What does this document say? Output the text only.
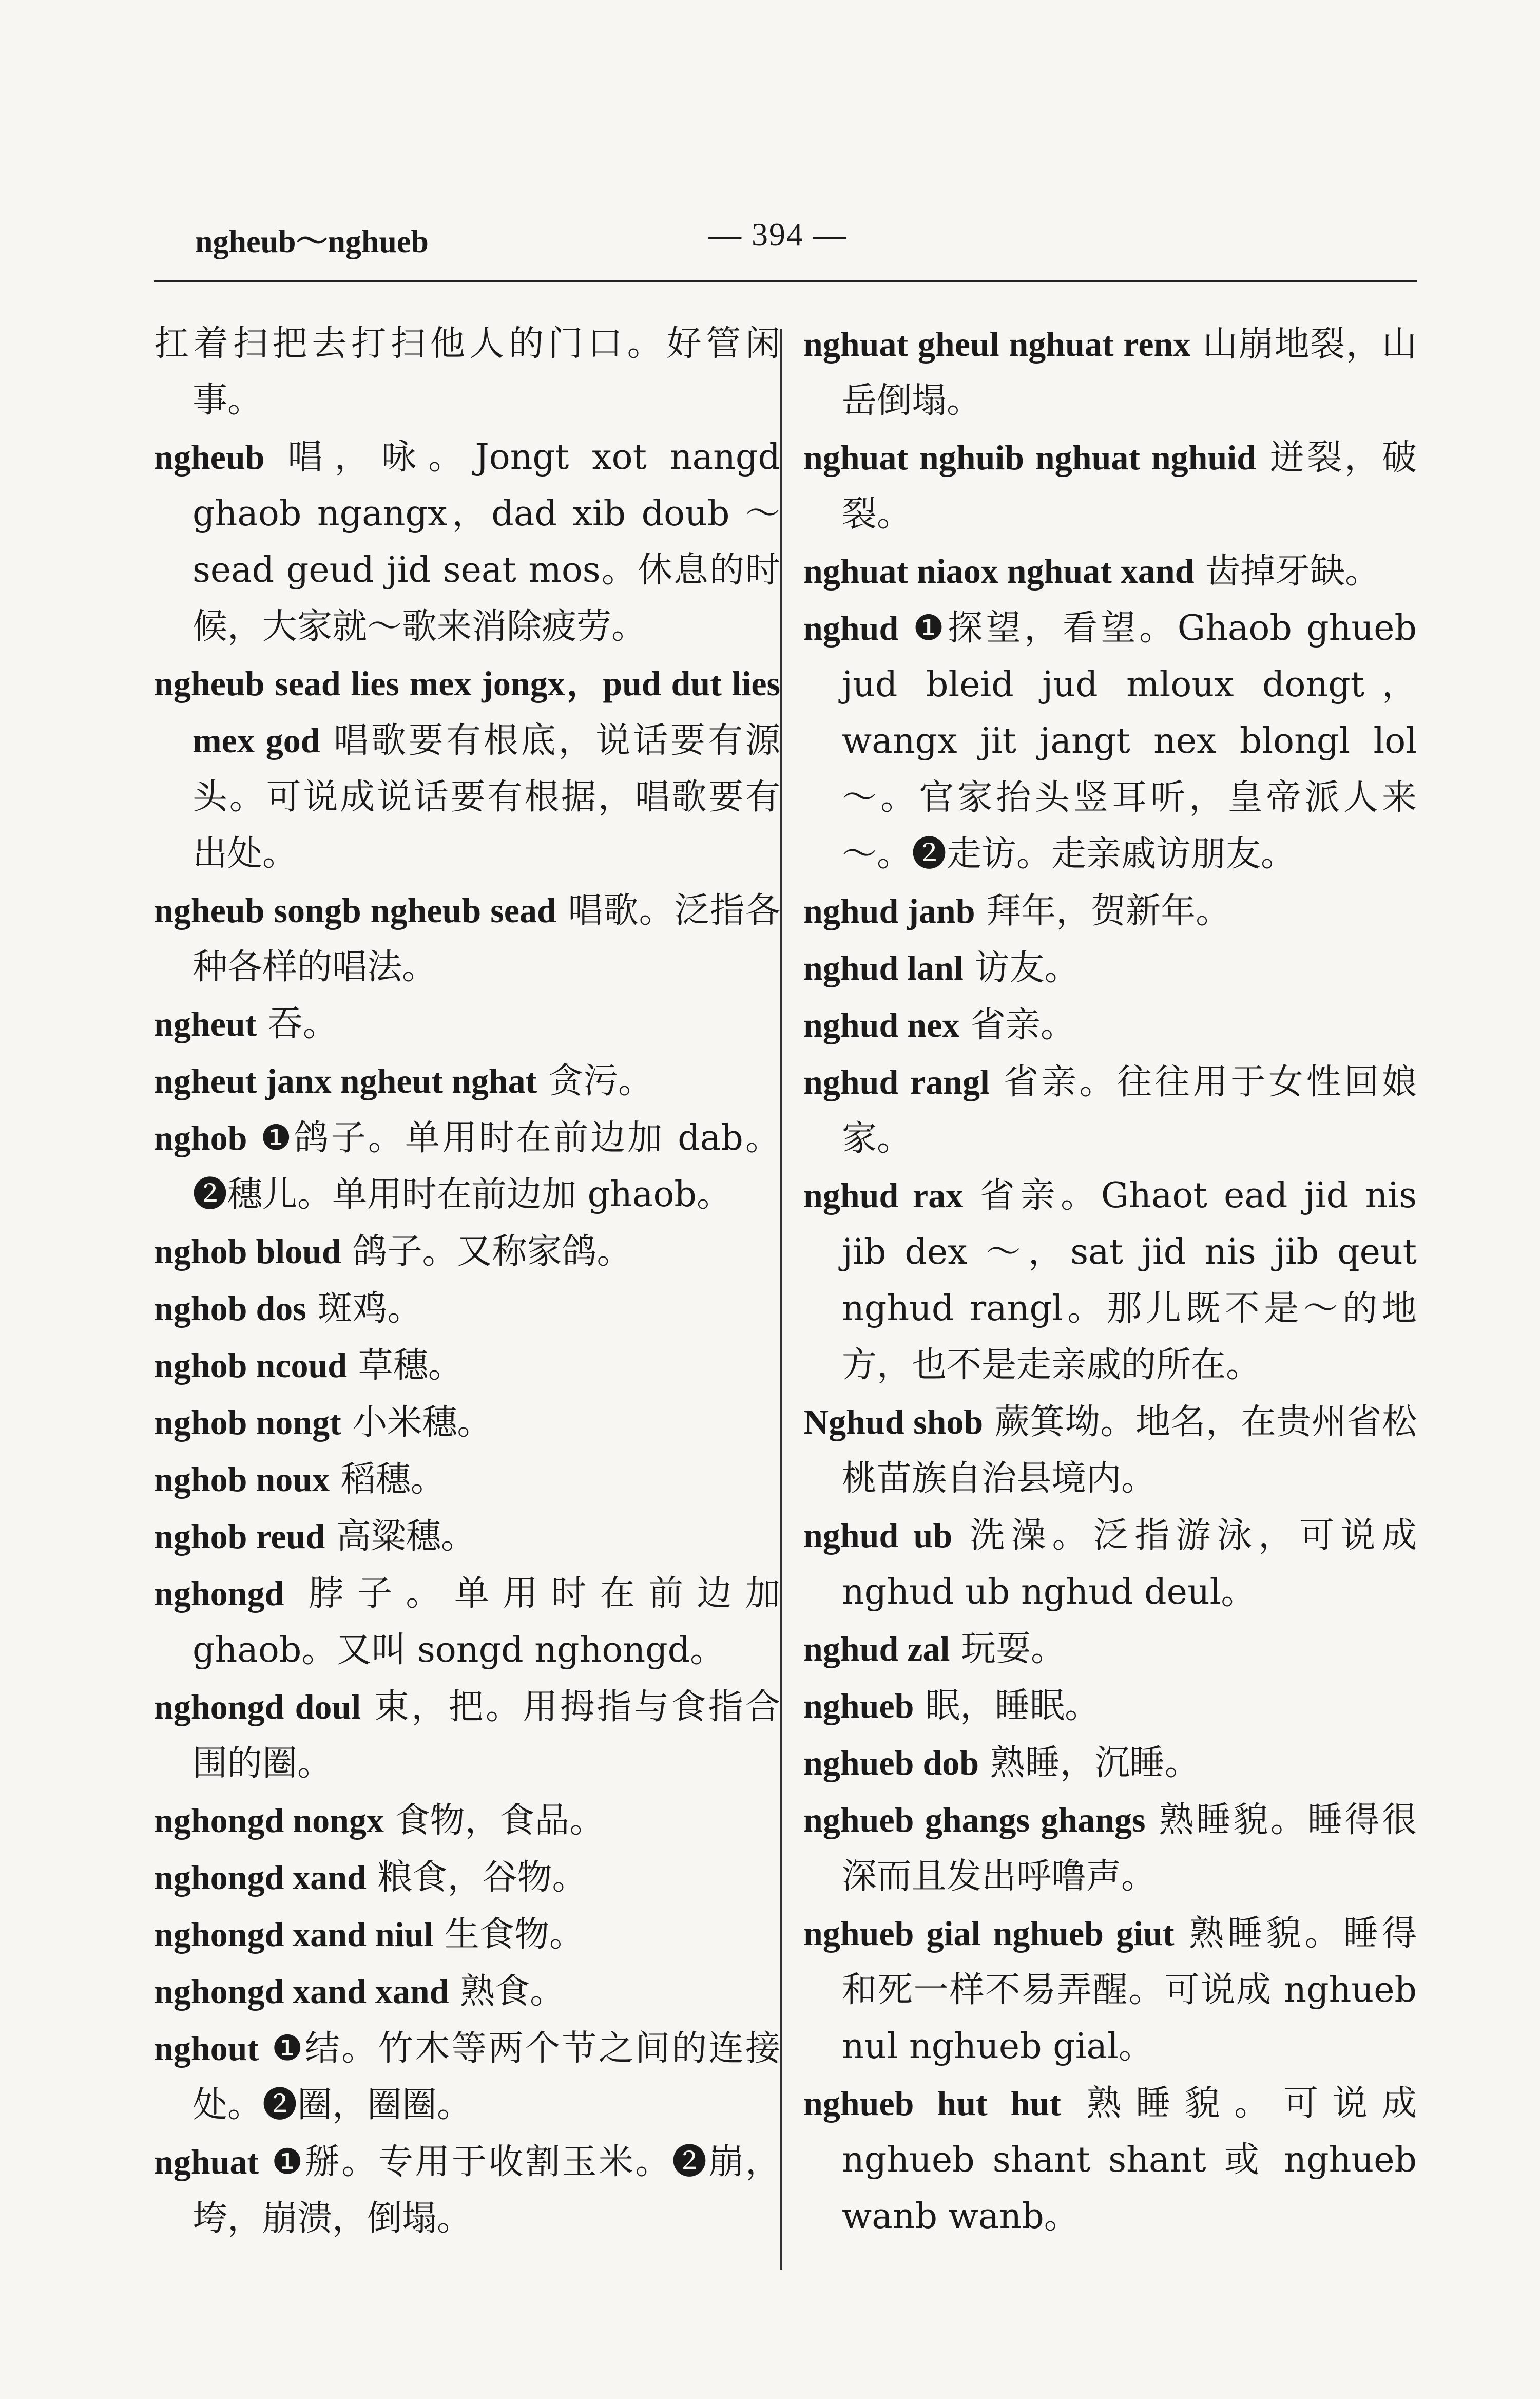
ngheub～nghueb	— 394 —

扛着扫把去打扫他人的门口。好管闲事。

ngheub 唱，咏。Jongt xot nangd ghaob ngangx，dad xib doub ～ sead geud jid seat mos。休息的时候，大家就～歌来消除疲劳。

ngheub sead lies mex jongx，pud dut lies mex god 唱歌要有根底，说话要有源头。可说成说话要有根据，唱歌要有出处。

ngheub songb ngheub sead 唱歌。泛指各种各样的唱法。

ngheut 吞。

ngheut janx ngheut nghat 贪污。

nghob ❶鸽子。单用时在前边加 dab。❷穗儿。单用时在前边加 ghaob。

nghob bloud 鸽子。又称家鸽。

nghob dos 斑鸡。

nghob ncoud 草穗。

nghob nongt 小米穗。

nghob noux 稻穗。

nghob reud 高粱穗。

nghongd 脖子。单用时在前边加 ghaob。又叫 songd nghongd。

nghongd doul 束，把。用拇指与食指合围的圈。

nghongd nongx 食物，食品。

nghongd xand 粮食，谷物。

nghongd xand niul 生食物。

nghongd xand xand 熟食。

nghout ❶结。竹木等两个节之间的连接处。❷圈，圈圈。

nghuat ❶掰。专用于收割玉米。❷崩，垮，崩溃，倒塌。

nghuat gheul nghuat renx 山崩地裂，山岳倒塌。

nghuat nghuib nghuat nghuid 迸裂，破裂。

nghuat niaox nghuat xand 齿掉牙缺。

nghud ❶探望，看望。Ghaob ghueb jud bleid jud mloux dongt，wangx jit jangt nex blongl lol ～。官家抬头竖耳听，皇帝派人来～。❷走访。走亲戚访朋友。

nghud janb 拜年，贺新年。

nghud lanl 访友。

nghud nex 省亲。

nghud rangl 省亲。往往用于女性回娘家。

nghud rax 省亲。Ghaot ead jid nis jib dex ～，sat jid nis jib qeut nghud rangl。那儿既不是～的地方，也不是走亲戚的所在。

Nghud shob 蕨箕坳。地名，在贵州省松桃苗族自治县境内。

nghud ub 洗澡。泛指游泳，可说成 nghud ub nghud deul。

nghud zal 玩耍。

nghueb 眠，睡眠。

nghueb dob 熟睡，沉睡。

nghueb ghangs ghangs 熟睡貌。睡得很深而且发出呼噜声。

nghueb gial nghueb giut 熟睡貌。睡得和死一样不易弄醒。可说成 nghueb nul nghueb gial。

nghueb hut hut 熟睡貌。可说成 nghueb shant shant 或 nghueb wanb wanb。
